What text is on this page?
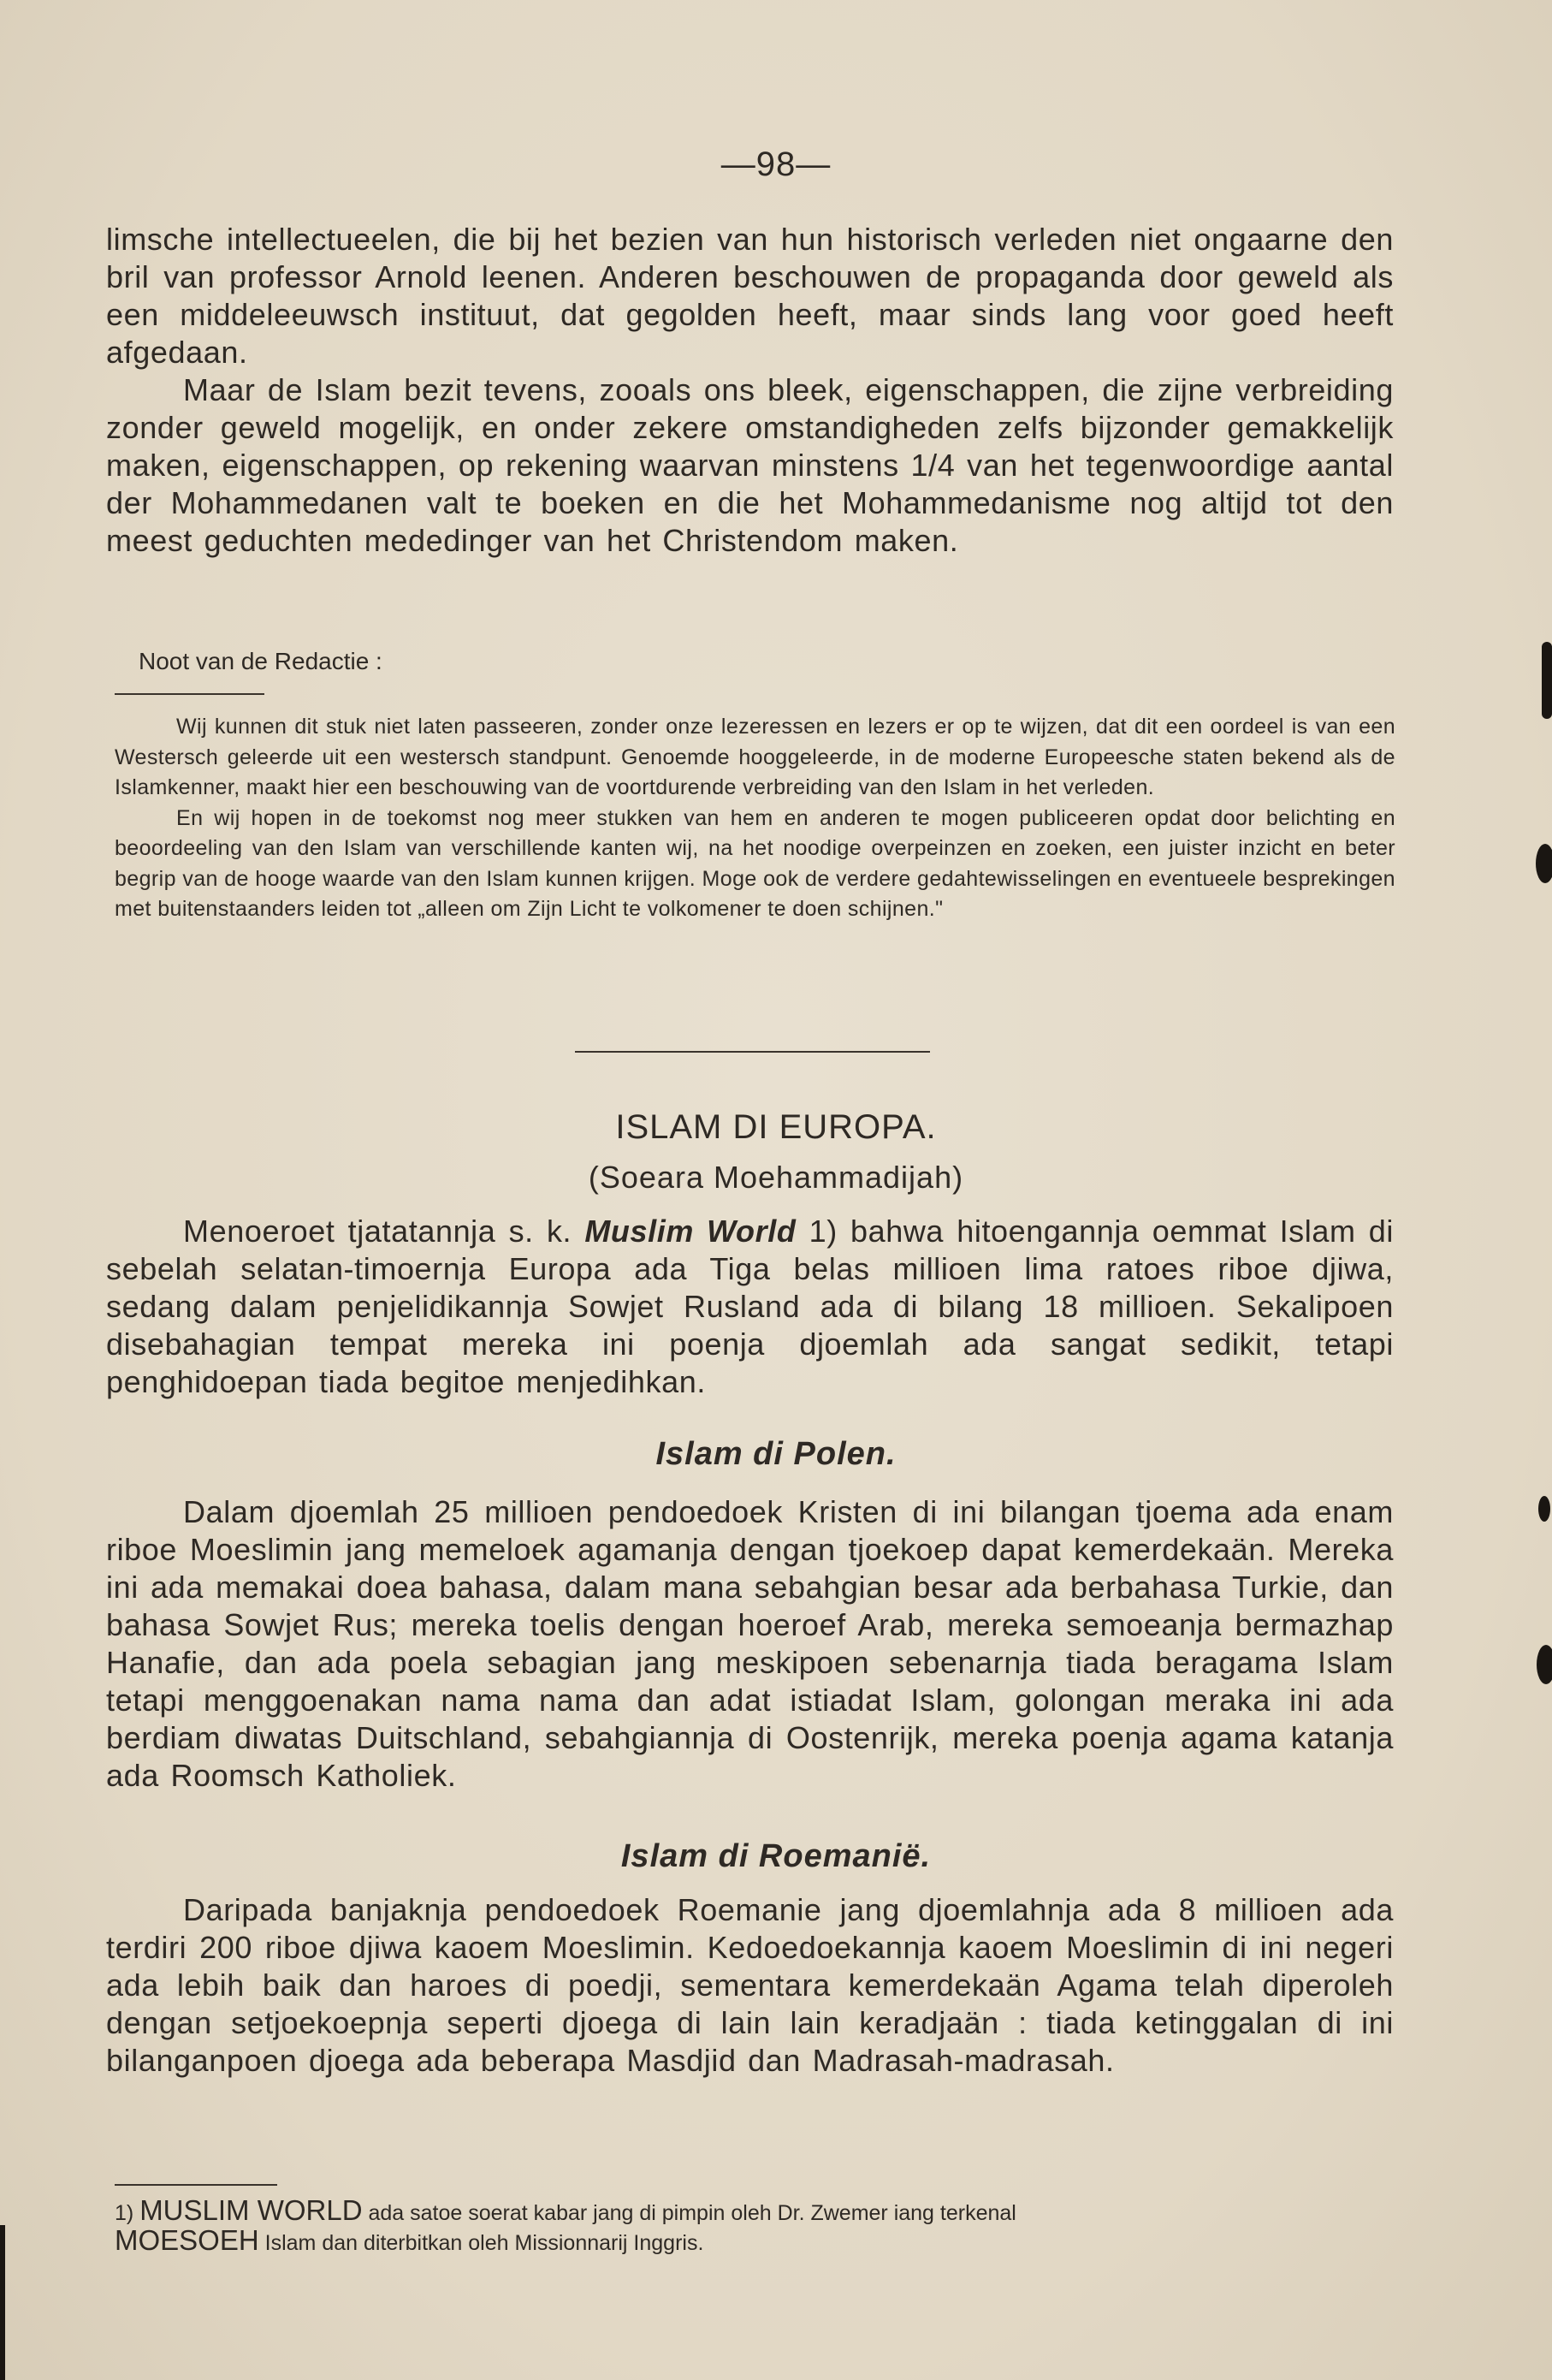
—98—

limsche intellectueelen, die bij het bezien van hun historisch verleden niet ongaarne den bril van professor Arnold leenen. Anderen beschouwen de propaganda door geweld als een middeleeuwsch instituut, dat gegolden heeft, maar sinds lang voor goed heeft afgedaan.

Maar de Islam bezit tevens, zooals ons bleek, eigenschappen, die zijne verbreiding zonder geweld mogelijk, en onder zekere omstandigheden zelfs bijzonder gemakkelijk maken, eigenschappen, op rekening waarvan minstens 1/4 van het tegenwoordige aantal der Mohammedanen valt te boeken en die het Mohammedanisme nog altijd tot den meest geduchten mededinger van het Christendom maken.

Noot van de Redactie :

Wij kunnen dit stuk niet laten passeeren, zonder onze lezeressen en lezers er op te wijzen, dat dit een oordeel is van een Westersch geleerde uit een westersch standpunt. Genoemde hooggeleerde, in de moderne Europeesche staten bekend als de Islamkenner, maakt hier een beschouwing van de voortdurende verbreiding van den Islam in het verleden.

En wij hopen in de toekomst nog meer stukken van hem en anderen te mogen publiceeren opdat door belichting en beoordeeling van den Islam van verschillende kanten wij, na het noodige overpeinzen en zoeken, een juister inzicht en beter begrip van de hooge waarde van den Islam kunnen krijgen. Moge ook de verdere gedahtewisselingen en eventueele besprekingen met buitenstaanders leiden tot „alleen om Zijn Licht te volkomener te doen schijnen."

ISLAM DI EUROPA.
(Soeara Moehammadijah)

Menoeroet tjatatannja s. k. Muslim World 1) bahwa hitoengannja oemmat Islam di sebelah selatan-timoernja Europa ada Tiga belas millioen lima ratoes riboe djiwa, sedang dalam penjelidikannja Sowjet Rusland ada di bilang 18 millioen. Sekalipoen disebahagian tempat mereka ini poenja djoemlah ada sangat sedikit, tetapi penghidoepan tiada begitoe menjedihkan.

Islam di Polen.

Dalam djoemlah 25 millioen pendoedoek Kristen di ini bilangan tjoema ada enam riboe Moeslimin jang memeloek agamanja dengan tjoekoep dapat kemerdekaän. Mereka ini ada memakai doea bahasa, dalam mana sebahgian besar ada berbahasa Turkie, dan bahasa Sowjet Rus; mereka toelis dengan hoeroef Arab, mereka semoeanja bermazhap Hanafie, dan ada poela sebagian jang meskipoen sebenarnja tiada beragama Islam tetapi menggoenakan nama nama dan adat istiadat Islam, golongan meraka ini ada berdiam diwatas Duitschland, sebahgiannja di Oostenrijk, mereka poenja agama katanja ada Roomsch Katholiek.

Islam di Roemanië.

Daripada banjaknja pendoedoek Roemanie jang djoemlahnja ada 8 millioen ada terdiri 200 riboe djiwa kaoem Moeslimin. Kedoedoekannja kaoem Moeslimin di ini negeri ada lebih baik dan haroes di poedji, sementara kemerdekaän Agama telah diperoleh dengan setjoekoepnja seperti djoega di lain lain keradjaän : tiada ketinggalan di ini bilanganpoen djoega ada beberapa Masdjid dan Madrasah-madrasah.

1) MUSLIM WORLD ada satoe soerat kabar jang di pimpin oleh Dr. Zwemer iang terkenal
MOESOEH Islam dan diterbitkan oleh Missionnarij Inggris.
